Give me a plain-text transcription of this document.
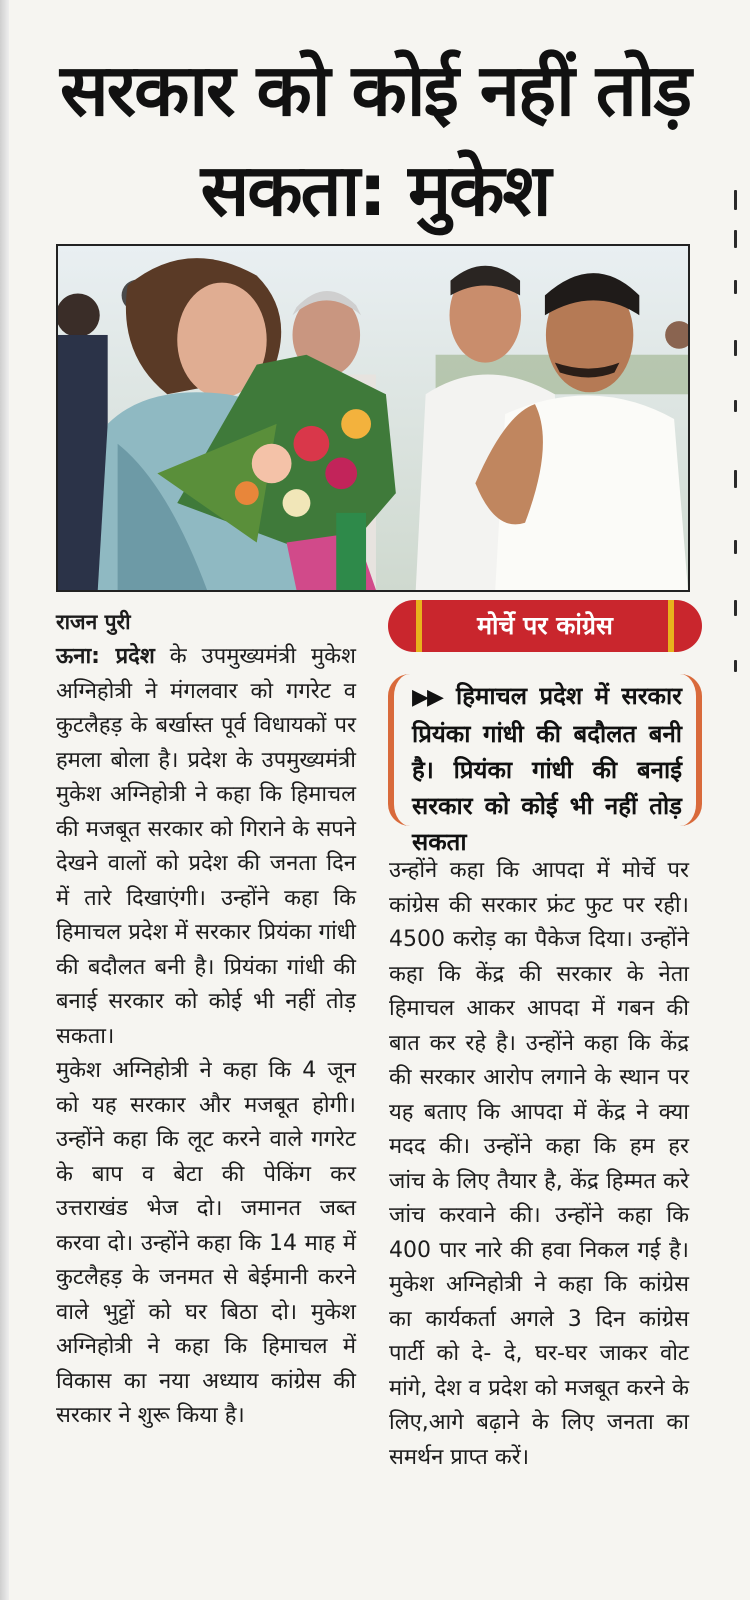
सरकार को कोई नहीं तोड़
सकता: मुकेश
राजन पुरी

ऊना: प्रदेश के उपमुख्यमंत्री मुकेश अग्निहोत्री ने मंगलवार को गगरेट व कुटलैहड़ के बर्खास्त पूर्व विधायकों पर हमला बोला है। प्रदेश के उपमुख्यमंत्री मुकेश अग्निहोत्री ने कहा कि हिमाचल की मजबूत सरकार को गिराने के सपने देखने वालों को प्रदेश की जनता दिन में तारे दिखाएंगी। उन्होंने कहा कि हिमाचल प्रदेश में सरकार प्रियंका गांधी की बदौलत बनी है। प्रियंका गांधी की बनाई सरकार को कोई भी नहीं तोड़ सकता।

मुकेश अग्निहोत्री ने कहा कि 4 जून को यह सरकार और मजबूत होगी। उन्होंने कहा कि लूट करने वाले गगरेट के बाप व बेटा की पेकिंग कर उत्तराखंड भेज दो। जमानत जब्त करवा दो। उन्होंने कहा कि 14 माह में कुटलैहड़ के जनमत से बेईमानी करने वाले भुट्टों को घर बिठा दो। मुकेश अग्निहोत्री ने कहा कि हिमाचल में विकास का नया अध्याय कांग्रेस की सरकार ने शुरू किया है।

मोर्चे पर कांग्रेस
▶▶ हिमाचल प्रदेश में सरकार प्रियंका गांधी की बदौलत बनी है। प्रियंका गांधी की बनाई सरकार को कोई भी नहीं तोड़ सकता

उन्होंने कहा कि आपदा में मोर्चे पर कांग्रेस की सरकार फ्रंट फुट पर रही। 4500 करोड़ का पैकेज दिया। उन्होंने कहा कि केंद्र की सरकार के नेता हिमाचल आकर आपदा में गबन की बात कर रहे है। उन्होंने कहा कि केंद्र की सरकार आरोप लगाने के स्थान पर यह बताए कि आपदा में केंद्र ने क्या मदद की। उन्होंने कहा कि हम हर जांच के लिए तैयार है, केंद्र हिम्मत करे जांच करवाने की। उन्होंने कहा कि 400 पार नारे की हवा निकल गई है। मुकेश अग्निहोत्री ने कहा कि कांग्रेस का कार्यकर्ता अगले 3 दिन कांग्रेस पार्टी को दे- दे, घर-घर जाकर वोट मांगे, देश व प्रदेश को मजबूत करने के लिए,आगे बढ़ाने के लिए जनता का समर्थन प्राप्त करें।
